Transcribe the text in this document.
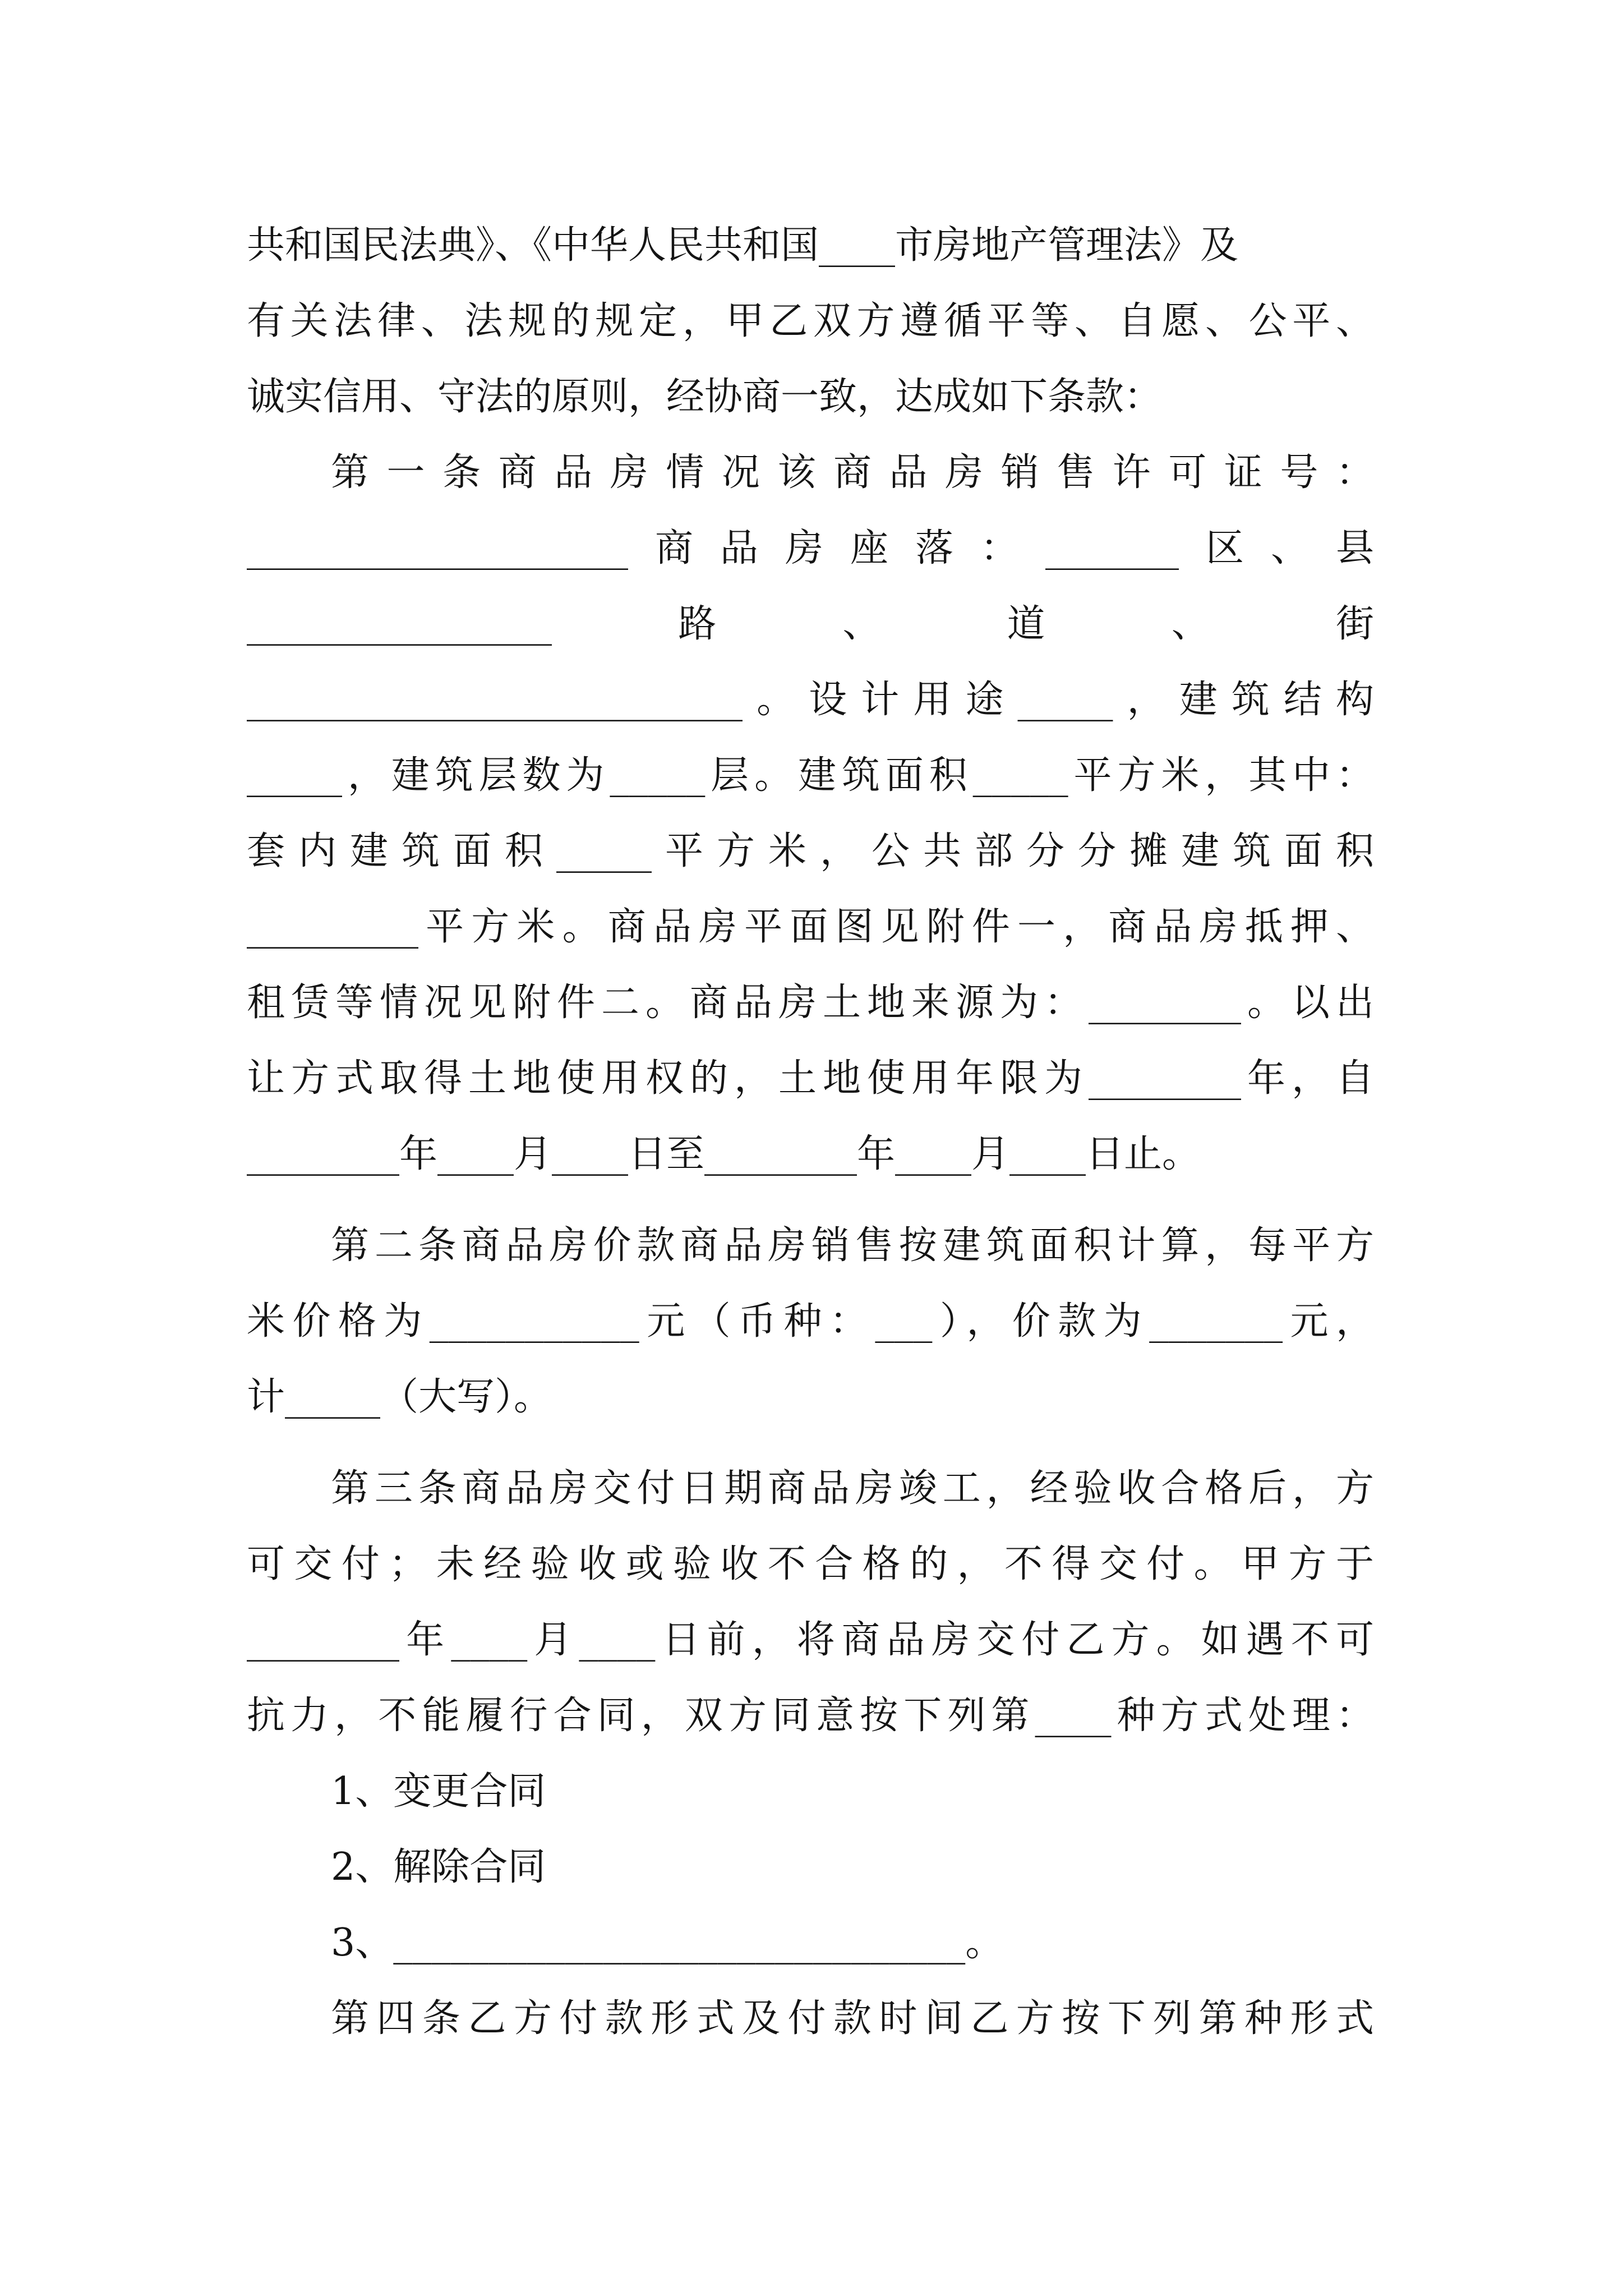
共和国民法典》、《中华人民共和国____市房地产管理法》及
有关法律、法规的规定，甲乙双方遵循平等、自愿、公平、
诚实信用、守法的原则，经协商一致，达成如下条款：
第一条商品房情况该商品房销售许可证号：
____________________商品房座落：_______区、县
________________路、道、街
__________________________。设计用途_____，建筑结构
_____，建筑层数为_____层。建筑面积_____平方米，其中：
套内建筑面积_____平方米，公共部分分摊建筑面积
_________平方米。商品房平面图见附件一，商品房抵押、
租赁等情况见附件二。商品房土地来源为：________。以出
让方式取得土地使用权的，土地使用年限为________年，自
________年____月____日至________年____月____日止。
第二条商品房价款商品房销售按建筑面积计算，每平方
米价格为___________元（币种：___），价款为_______元，
计_____（大写）。
第三条商品房交付日期商品房竣工，经验收合格后，方
可交付；未经验收或验收不合格的，不得交付。甲方于
________年____月____日前，将商品房交付乙方。如遇不可
抗力，不能履行合同，双方同意按下列第____种方式处理：
1、变更合同
2、解除合同
3、______________________________。
第四条乙方付款形式及付款时间乙方按下列第种形式
